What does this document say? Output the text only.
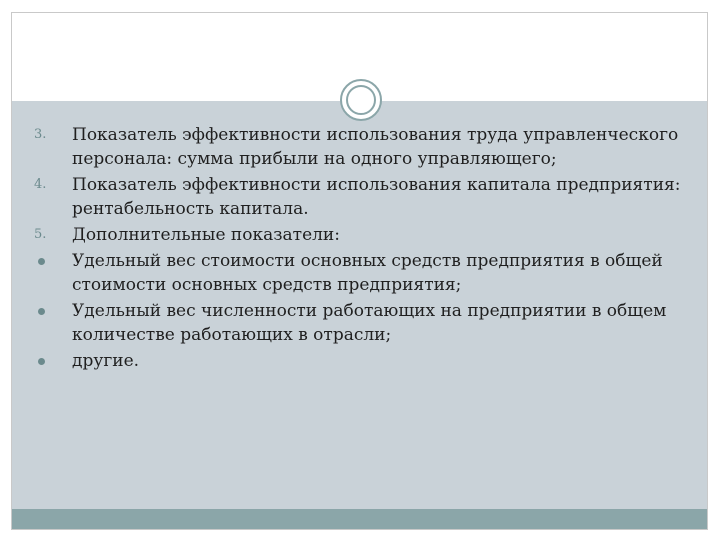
3. Показатель эффективности использования труда управленческого персонала: сумма прибыли на одного управляющего;
4. Показатель эффективности использования капитала предприятия: рентабельность капитала.
5. Дополнительные показатели:
Удельный вес стоимости основных средств предприятия в общей стоимости основных средств предприятия;
Удельный вес численности работающих на предприятии в общем количестве работающих в отрасли;
другие.
